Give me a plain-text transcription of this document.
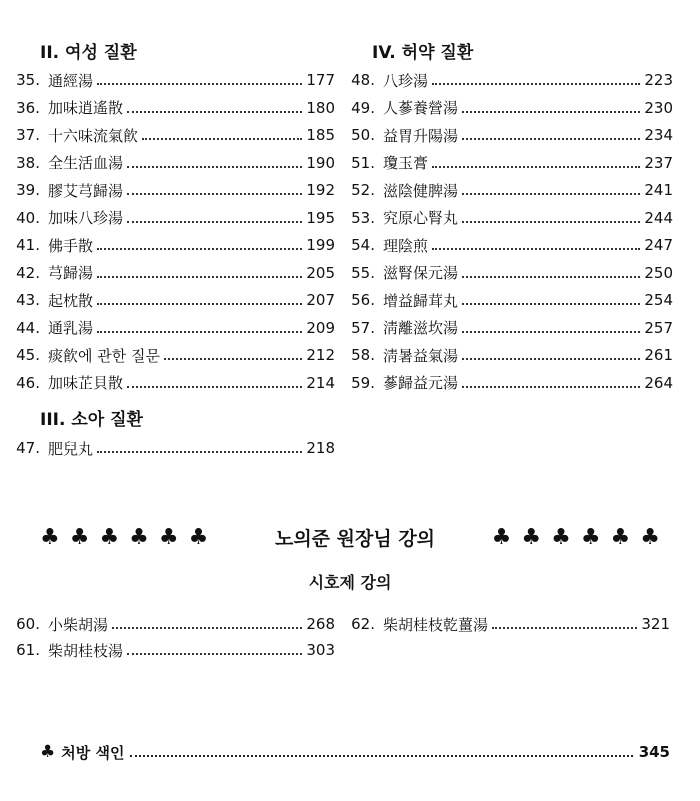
II. 여성 질환
35. 通經湯	177
36. 加味逍遙散	180
37. 十六味流氣飮	185
38. 全生活血湯	190
39. 膠艾芎歸湯	192
40. 加味八珍湯	195
41. 佛手散	199
42. 芎歸湯	205
43. 起枕散	207
44. 通乳湯	209
45. 痰飮에 관한 질문	212
46. 加味芷貝散	214
III. 소아 질환
47. 肥兒丸	218
IV. 허약 질환
48. 八珍湯	223
49. 人蔘養營湯	230
50. 益胃升陽湯	234
51. 瓊玉膏	237
52. 滋陰健脾湯	241
53. 究原心腎丸	244
54. 理陰煎	247
55. 滋腎保元湯	250
56. 增益歸茸丸	254
57. 淸離滋坎湯	257
58. 淸暑益氣湯	261
59. 蔘歸益元湯	264
♣♣♣♣♣♣	노의준 원장님 강의	♣♣♣♣♣♣
시호제 강의
60. 小柴胡湯	268
61. 柴胡桂枝湯	303
62. 柴胡桂枝乾薑湯	321
♣ 처방 색인	345
